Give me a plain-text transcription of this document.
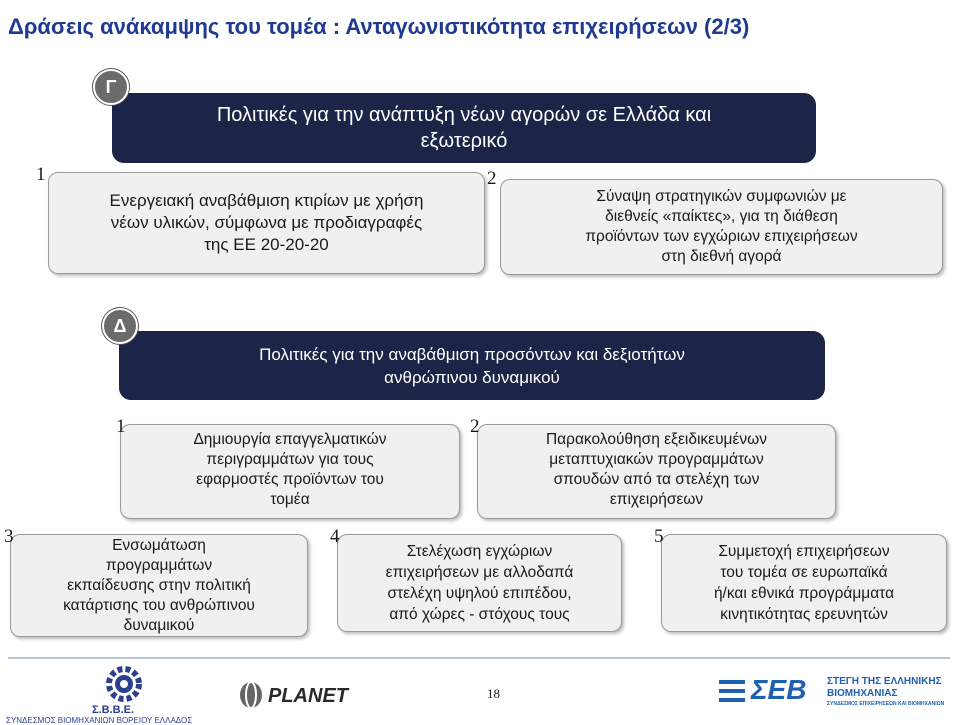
Δράσεις ανάκαμψης του τομέα : Ανταγωνιστικότητα επιχειρήσεων (2/3)
Πολιτικές για την ανάπτυξη νέων αγορών σε Ελλάδα και
εξωτερικό
Γ
Ενεργειακή αναβάθμιση κτιρίων με χρήση
νέων υλικών, σύμφωνα με προδιαγραφές
της ΕΕ 20-20-20
1
Σύναψη στρατηγικών συμφωνιών με
διεθνείς «παίκτες», για τη διάθεση
προϊόντων των εγχώριων επιχειρήσεων
στη διεθνή αγορά
2
Πολιτικές για την αναβάθμιση προσόντων και δεξιοτήτων
ανθρώπινου δυναμικού
Δ
Δημιουργία επαγγελματικών
περιγραμμάτων για τους
εφαρμοστές προϊόντων του
τομέα
1
Παρακολούθηση εξειδικευμένων
μεταπτυχιακών προγραμμάτων
σπουδών από τα στελέχη των
επιχειρήσεων
2
Ενσωμάτωση
προγραμμάτων
εκπαίδευσης στην πολιτική
κατάρτισης του ανθρώπινου
δυναμικού
3
Στελέχωση εγχώριων
επιχειρήσεων με αλλοδαπά
στελέχη υψηλού επιπέδου,
από χώρες - στόχους τους
4
Συμμετοχή επιχειρήσεων
του τομέα σε ευρωπαϊκά
ή/και εθνικά προγράμματα
κινητικότητας ερευνητών
5
Σ.Β.Β.Ε.
ΣΥΝΔΕΣΜΟΣ ΒΙΟΜΗΧΑΝΙΩΝ ΒΟΡΕΙΟΥ ΕΛΛΑΔΟΣ
PLANET	18	ΣΕΒ ΣΤΕΓΗ ΤΗΣ ΕΛΛΗΝΙΚΗΣ
ΒΙΟΜΗΧΑΝΙΑΣ
ΣΥΝΔΕΣΜΟΣ ΕΠΙΧΕΙΡΗΣΕΩΝ ΚΑΙ ΒΙΟΜΗΧΑΝΙΩΝ
